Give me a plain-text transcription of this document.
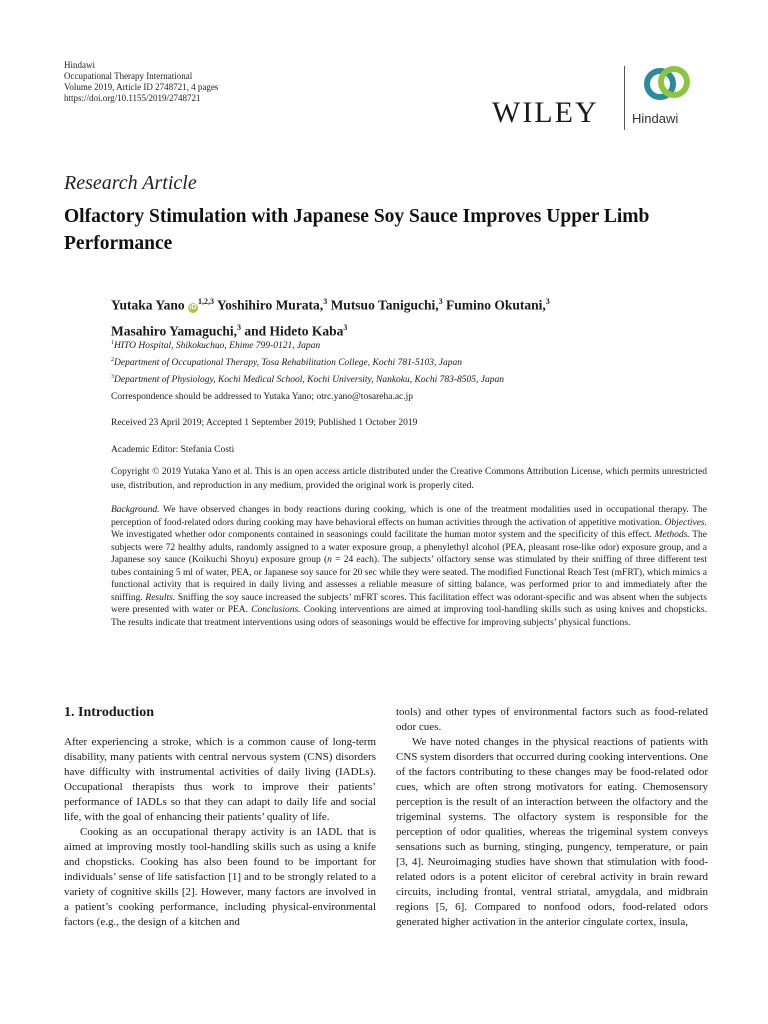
Hindawi
Occupational Therapy International
Volume 2019, Article ID 2748721, 4 pages
https://doi.org/10.1155/2019/2748721	WILEY	Hindawi
Research Article
Olfactory Stimulation with Japanese Soy Sauce Improves Upper Limb Performance
Yutaka Yano iD$^{1,2,3}$ Yoshihiro Murata,$^3$ Mutsuo Taniguchi,$^3$ Fumino Okutani,$^3$
Masahiro Yamaguchi,$^3$ and Hideto Kaba$^3$
$^1$HITO Hospital, Shikokuchuo, Ehime 799-0121, Japan
$^2$Department of Occupational Therapy, Tosa Rehabilitation College, Kochi 781-5103, Japan
$^3$Department of Physiology, Kochi Medical School, Kochi University, Nankoku, Kochi 783-8505, Japan
Correspondence should be addressed to Yutaka Yano; otrc.yano@tosareha.ac.jp
Received 23 April 2019; Accepted 1 September 2019; Published 1 October 2019
Academic Editor: Stefania Costi
Copyright © 2019 Yutaka Yano et al. This is an open access article distributed under the Creative Commons Attribution License, which permits unrestricted use, distribution, and reproduction in any medium, provided the original work is properly cited.
Background. We have observed changes in body reactions during cooking, which is one of the treatment modalities used in occupational therapy. The perception of food-related odors during cooking may have behavioral effects on human activities through the activation of appetitive motivation. Objectives. We investigated whether odor components contained in seasonings could facilitate the human motor system and the specificity of this effect. Methods. The subjects were 72 healthy adults, randomly assigned to a water exposure group, a phenylethyl alcohol (PEA, pleasant rose-like odor) exposure group, and a Japanese soy sauce (Koikuchi Shoyu) exposure group (n = 24 each). The subjects’ olfactory sense was stimulated by their sniffing of three different test tubes containing 5 ml of water, PEA, or Japanese soy sauce for 20 sec while they were seated. The modified Functional Reach Test (mFRT), which mimics a functional activity that is required in daily living and assesses a reliable measure of sitting balance, was performed prior to and immediately after the sniffing. Results. Sniffing the soy sauce increased the subjects’ mFRT scores. This facilitation effect was odorant-specific and was absent when the subjects were presented with water or PEA. Conclusions. Cooking interventions are aimed at improving tool-handling skills such as using knives and chopsticks. The results indicate that treatment interventions using odors of seasonings would be effective for improving subjects’ physical functions.
1. Introduction

After experiencing a stroke, which is a common cause of long-term disability, many patients with central nervous system (CNS) disorders have difficulty with instrumental activities of daily living (IADLs). Occupational therapists thus work to improve their patients’ performance of IADLs so that they can adapt to daily life and social life, with the goal of enhancing their patients’ quality of life.

Cooking as an occupational therapy activity is an IADL that is aimed at improving mostly tool-handling skills such as using a knife and chopsticks. Cooking has also been found to be important for individuals’ sense of life satisfaction [1] and to be strongly related to a variety of cognitive skills [2]. However, many factors are involved in a patient’s cooking performance, including physical-environmental factors (e.g., the design of a kitchen and

tools) and other types of environmental factors such as food-related odor cues.

We have noted changes in the physical reactions of patients with CNS system disorders that occurred during cooking interventions. One of the factors contributing to these changes may be food-related odor cues, which are often strong motivators for eating. Chemosensory perception is the result of an interaction between the olfactory and the trigeminal systems. The olfactory system is responsible for the perception of odor qualities, whereas the trigeminal system conveys sensations such as burning, stinging, pungency, temperature, or pain [3, 4]. Neuroimaging studies have shown that stimulation with food-related odors is a potent elicitor of cerebral activity in brain reward circuits, including frontal, ventral striatal, amygdala, and midbrain regions [5, 6]. Compared to nonfood odors, food-related odors generated higher activation in the anterior cingulate cortex, insula,
